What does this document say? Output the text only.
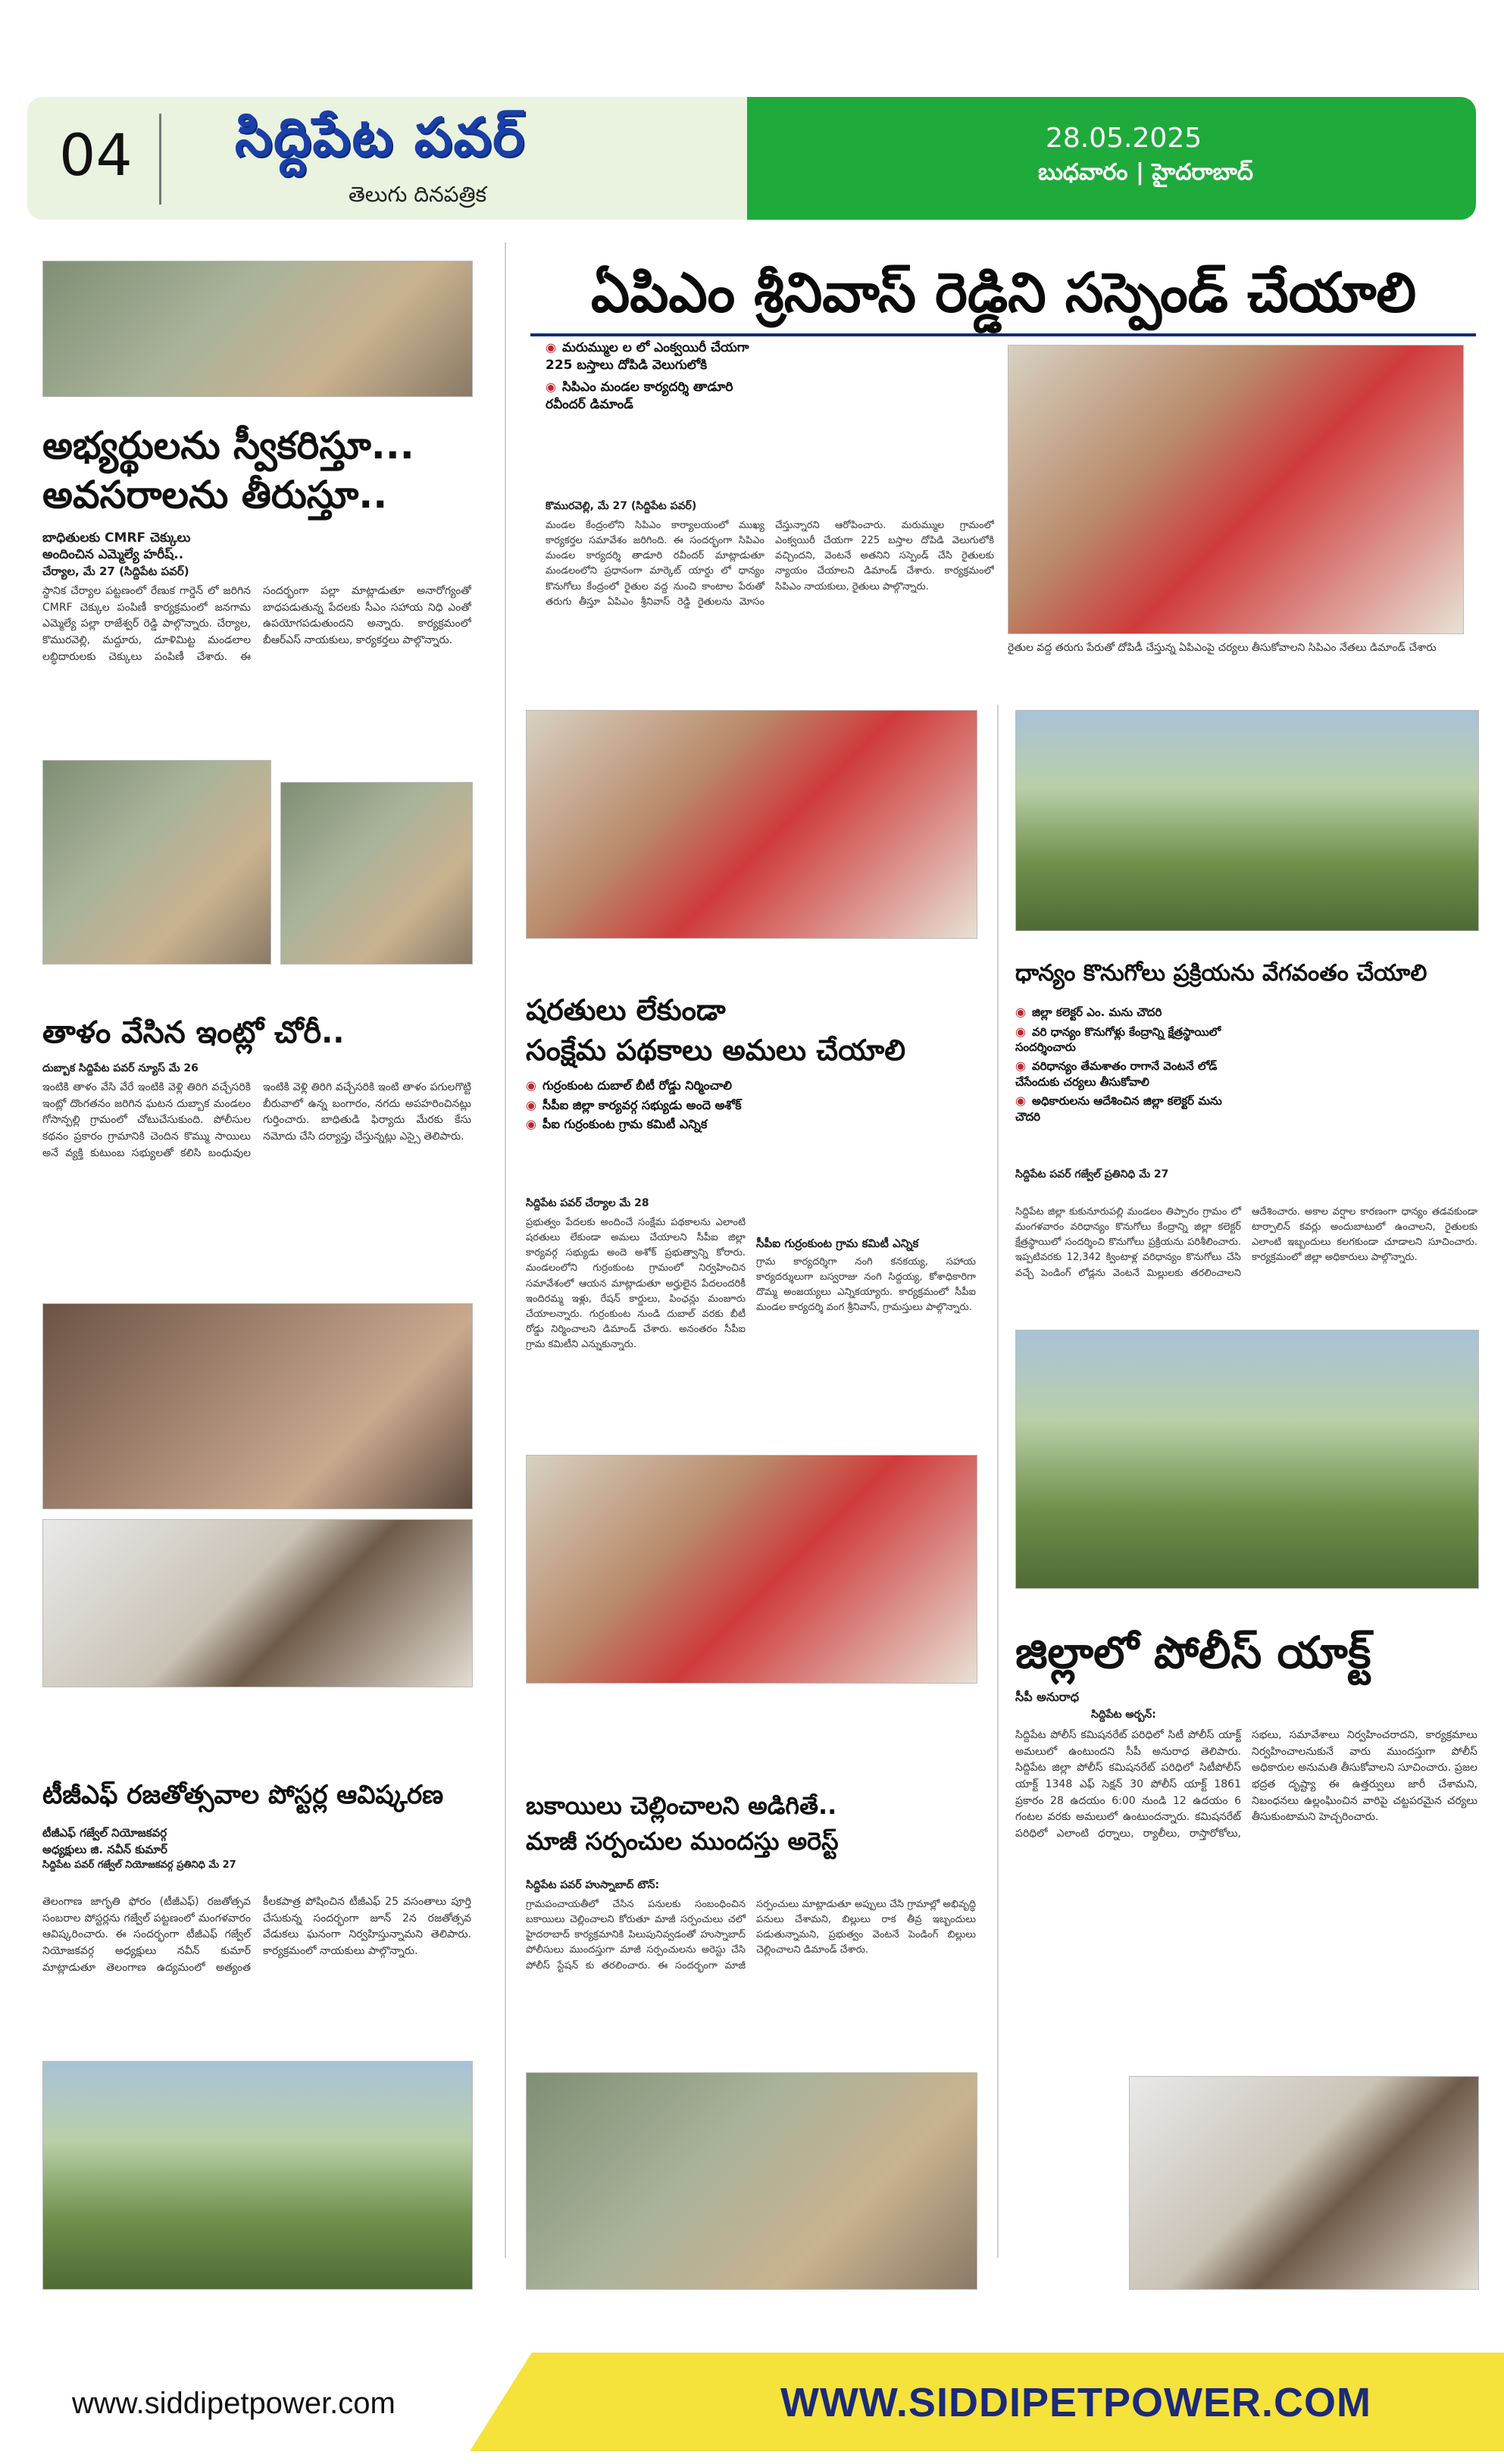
04 సిద్దిపేట పవర్
తెలుగు దినపత్రిక
28.05.2025
బుధవారం | హైదరాబాద్
అభ్యర్థులను స్వీకరిస్తూ...
అవసరాలను తీరుస్తూ..
బాధితులకు CMRF చెక్కులు
అందించిన ఎమ్మెల్యే హరీష్..
చేర్యాల, మే 27 (సిద్దిపేట పవర్)
స్థానిక చేర్యాల పట్టణంలో రేణుక గార్డెన్ లో జరిగిన CMRF చెక్కుల పంపిణీ కార్యక్రమంలో జనగామ ఎమ్మెల్యే పల్లా రాజేశ్వర్ రెడ్డి పాల్గొన్నారు. చేర్యాల, కొమురవెల్లి, మద్దూరు, దూళిమిట్ట మండలాల లబ్ధిదారులకు చెక్కులు పంపిణీ చేశారు. ఈ సందర్భంగా పల్లా మాట్లాడుతూ అనారోగ్యంతో బాధపడుతున్న పేదలకు సీఎం సహాయ నిధి ఎంతో ఉపయోగపడుతుందని అన్నారు. కార్యక్రమంలో బీఆర్ఎస్ నాయకులు, కార్యకర్తలు పాల్గొన్నారు.
తాళం వేసిన ఇంట్లో చోరీ..
దుబ్బాక సిద్దిపేట పవర్ న్యూస్ మే 26
ఇంటికి తాళం వేసి వేరే ఇంటికి వెళ్లి తిరిగి వచ్చేసరికి ఇంట్లో దొంగతనం జరిగిన ఘటన దుబ్బాక మండలం గోసాన్పల్లి గ్రామంలో చోటుచేసుకుంది. పోలీసుల కథనం ప్రకారం గ్రామానికి చెందిన కొమ్ము సాయిలు అనే వ్యక్తి కుటుంబ సభ్యులతో కలిసి బంధువుల ఇంటికి వెళ్లి తిరిగి వచ్చేసరికి ఇంటి తాళం పగులగొట్టి బీరువాలో ఉన్న బంగారం, నగదు అపహరించినట్లు గుర్తించారు. బాధితుడి ఫిర్యాదు మేరకు కేసు నమోదు చేసి దర్యాప్తు చేస్తున్నట్లు ఎస్సై తెలిపారు.
టీజీఎఫ్ రజతోత్సవాల పోస్టర్ల ఆవిష్కరణ
టీజీఎఫ్ గజ్వేల్ నియోజకవర్గ
అధ్యక్షులు జి. నవీన్ కుమార్
సిద్దిపేట పవర్ గజ్వేల్ నియోజకవర్గ ప్రతినిధి మే 27
తెలంగాణ జాగృతి ఫోరం (టీజీఎఫ్) రజతోత్సవ సంబరాల పోస్టర్లను గజ్వేల్ పట్టణంలో మంగళవారం ఆవిష్కరించారు. ఈ సందర్భంగా టీజీఎఫ్ గజ్వేల్ నియోజకవర్గ అధ్యక్షులు నవీన్ కుమార్ మాట్లాడుతూ తెలంగాణ ఉద్యమంలో అత్యంత కీలకపాత్ర పోషించిన టీజీఎఫ్ 25 వసంతాలు పూర్తి చేసుకున్న సందర్భంగా జూన్ 2న రజతోత్సవ వేడుకలు ఘనంగా నిర్వహిస్తున్నామని తెలిపారు. కార్యక్రమంలో నాయకులు పాల్గొన్నారు.
ఏపిఎం శ్రీనివాస్ రెడ్డిని సస్పెండ్ చేయాలి
◉ మరుమ్ముల ల లో ఎంక్వయిరీ చేయగా 225 బస్తాలు దోపిడి వెలుగులోకి
◉ సిపిఎం మండల కార్యదర్శి తాడూరి రవీందర్ డిమాండ్
కొమురవెల్లి, మే 27 (సిద్దిపేట పవర్)
మండల కేంద్రంలోని సిపిఎం కార్యాలయంలో ముఖ్య కార్యకర్తల సమావేశం జరిగింది. ఈ సందర్భంగా సిపిఎం మండల కార్యదర్శి తాడూరి రవీందర్ మాట్లాడుతూ మండలంలోని ప్రధానంగా మార్కెట్ యార్డు లో ధాన్యం కొనుగోలు కేంద్రంలో రైతుల వద్ద నుంచి కాంటాల పేరుతో తరుగు తీస్తూ ఏపిఎం శ్రీనివాస్ రెడ్డి రైతులను మోసం చేస్తున్నారని ఆరోపించారు. మరుమ్ముల గ్రామంలో ఎంక్వయిరీ చేయగా 225 బస్తాల దోపిడి వెలుగులోకి వచ్చిందని, వెంటనే అతనిని సస్పెండ్ చేసి రైతులకు న్యాయం చేయాలని డిమాండ్ చేశారు. కార్యక్రమంలో సిపిఎం నాయకులు, రైతులు పాల్గొన్నారు.
రైతుల వద్ద తరుగు పేరుతో దోపిడీ చేస్తున్న ఏపిఎంపై చర్యలు తీసుకోవాలని సిపిఎం నేతలు డిమాండ్ చేశారు
షరతులు లేకుండా
సంక్షేమ పథకాలు అమలు చేయాలి
◉ గుర్రంకుంట దుబాల్ బీటీ రోడ్డు నిర్మించాలి
◉ సీపీఐ జిల్లా కార్యవర్గ సభ్యుడు అందె అశోక్
◉ పీఐ గుర్రంకుంట గ్రామ కమిటీ ఎన్నిక
సిద్దిపేట పవర్ చేర్యాల మే 28
ప్రభుత్వం పేదలకు అందించే సంక్షేమ పథకాలను ఎలాంటి షరతులు లేకుండా అమలు చేయాలని సీపీఐ జిల్లా కార్యవర్గ సభ్యుడు అందె అశోక్ ప్రభుత్వాన్ని కోరారు. మండలంలోని గుర్రంకుంట గ్రామంలో నిర్వహించిన సమావేశంలో ఆయన మాట్లాడుతూ అర్హులైన పేదలందరికీ ఇందిరమ్మ ఇళ్లు, రేషన్ కార్డులు, పింఛన్లు మంజూరు చేయాలన్నారు. గుర్రంకుంట నుండి దుబాల్ వరకు బీటీ రోడ్డు నిర్మించాలని డిమాండ్ చేశారు. అనంతరం సీపీఐ గ్రామ కమిటీని ఎన్నుకున్నారు.
సీపీఐ గుర్రంకుంట గ్రామ కమిటీ ఎన్నిక
గ్రామ కార్యదర్శిగా నంగి కనకయ్య, సహాయ కార్యదర్శులుగా బస్వరాజు నంగి సిద్దయ్య, కోశాధికారిగా దొమ్మ అంజయ్యలు ఎన్నికయ్యారు. కార్యక్రమంలో సీపీఐ మండల కార్యదర్శి వంగ శ్రీనివాస్, గ్రామస్తులు పాల్గొన్నారు.
బకాయిలు చెల్లించాలని అడిగితే..
మాజీ సర్పంచుల ముందస్తు అరెస్ట్
సిద్దిపేట పవర్ హుస్నాబాద్ టౌన్:
గ్రామపంచాయతీలో చేసిన పనులకు సంబంధించిన బకాయిలు చెల్లించాలని కోరుతూ మాజీ సర్పంచులు చలో హైదరాబాద్ కార్యక్రమానికి పిలుపునివ్వడంతో హుస్నాబాద్ పోలీసులు ముందస్తుగా మాజీ సర్పంచులను అరెస్టు చేసి పోలీస్ స్టేషన్ కు తరలించారు. ఈ సందర్భంగా మాజీ సర్పంచులు మాట్లాడుతూ అప్పులు చేసి గ్రామాల్లో అభివృద్ధి పనులు చేశామని, బిల్లులు రాక తీవ్ర ఇబ్బందులు పడుతున్నామని, ప్రభుత్వం వెంటనే పెండింగ్ బిల్లులు చెల్లించాలని డిమాండ్ చేశారు.
ధాన్యం కొనుగోలు ప్రక్రియను వేగవంతం చేయాలి
◉ జిల్లా కలెక్టర్ ఎం. మను చౌదరి
◉ వరి ధాన్యం కొనుగోళ్లు కేంద్రాన్ని క్షేత్రస్థాయిలో సందర్శించారు
◉ వరిధాన్యం తేమశాతం రాగానే వెంటనే లోడ్ చేసేందుకు చర్యలు తీసుకోవాలి
◉ అధికారులను ఆదేశించిన జిల్లా కలెక్టర్ మను చౌదరి
సిద్దిపేట పవర్ గజ్వేల్ ప్రతినిధి మే 27
సిద్దిపేట జిల్లా కుకునూరుపల్లి మండలం తిప్పారం గ్రామం లో మంగళవారం వరిధాన్యం కొనుగోలు కేంద్రాన్ని జిల్లా కలెక్టర్ క్షేత్రస్థాయిలో సందర్శించి కొనుగోలు ప్రక్రియను పరిశీలించారు. ఇప్పటివరకు 12,342 క్వింటాళ్ల వరిధాన్యం కొనుగోలు చేసి వచ్చే పెండింగ్ లోడ్లను వెంటనే మిల్లులకు తరలించాలని ఆదేశించారు. అకాల వర్షాల కారణంగా ధాన్యం తడవకుండా టార్పాలిన్ కవర్లు అందుబాటులో ఉంచాలని, రైతులకు ఎలాంటి ఇబ్బందులు కలగకుండా చూడాలని సూచించారు. కార్యక్రమంలో జిల్లా అధికారులు పాల్గొన్నారు.
జిల్లాలో పోలీస్ యాక్ట్
సీపీ అనురాధ
సిద్దిపేట అర్బన్:
సిద్దిపేట పోలీస్ కమిషనరేట్ పరిధిలో సిటీ పోలీస్ యాక్ట్ అమలులో ఉంటుందని సీపీ అనురాధ తెలిపారు. సిద్దిపేట జిల్లా పోలీస్ కమిషనరేట్ పరిధిలో సిటీపోలీస్ యాక్ట్ 1348 ఎఫ్ సెక్షన్ 30 పోలీస్ యాక్ట్ 1861 ప్రకారం 28 ఉదయం 6:00 నుండి 12 ఉదయం 6 గంటల వరకు అమలులో ఉంటుందన్నారు. కమిషనరేట్ పరిధిలో ఎలాంటి ధర్నాలు, ర్యాలీలు, రాస్తారోకోలు, సభలు, సమావేశాలు నిర్వహించరాదని, కార్యక్రమాలు నిర్వహించాలనుకునే వారు ముందస్తుగా పోలీస్ అధికారుల అనుమతి తీసుకోవాలని సూచించారు. ప్రజల భద్రత దృష్ట్యా ఈ ఉత్తర్వులు జారీ చేశామని, నిబంధనలు ఉల్లంఘించిన వారిపై చట్టపరమైన చర్యలు తీసుకుంటామని హెచ్చరించారు.
www.siddipetpower.com	WWW.SIDDIPETPOWER.COM
